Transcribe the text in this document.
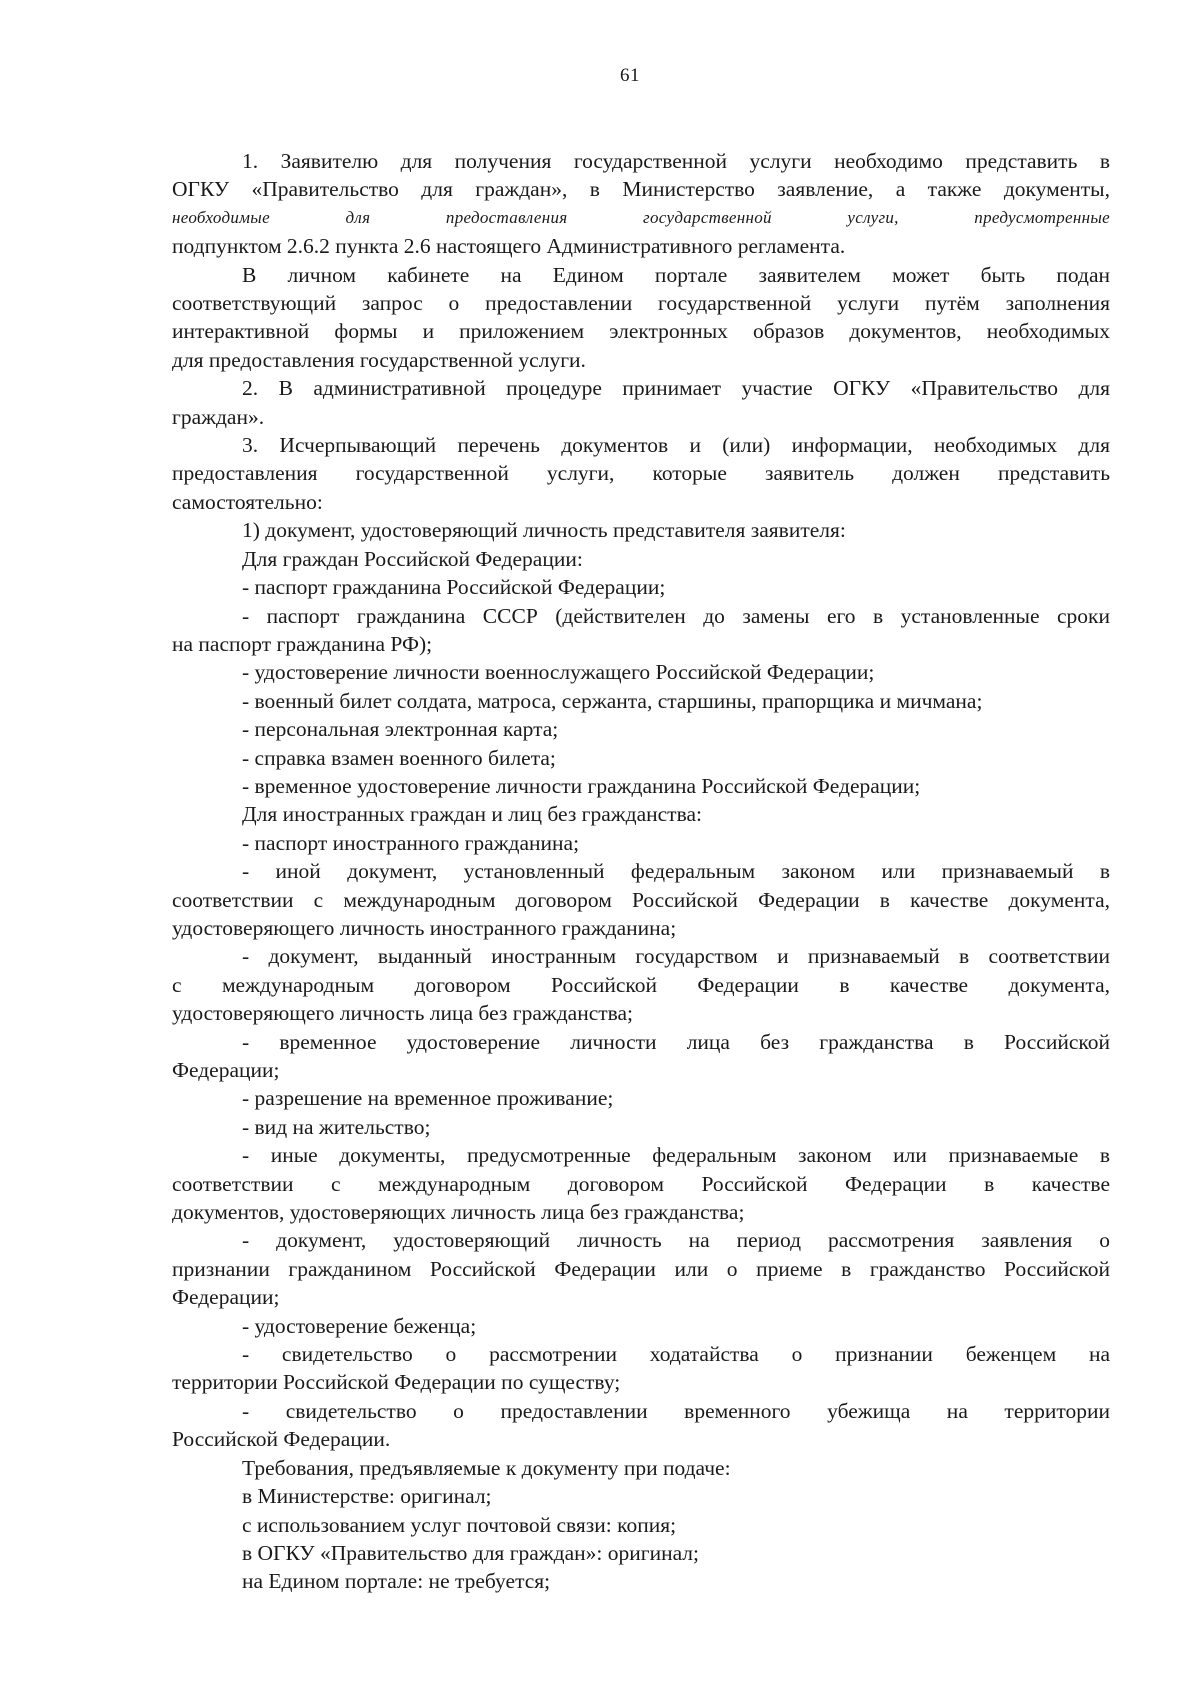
61
1. Заявителю для получения государственной услуги необходимо представить в
ОГКУ «Правительство для граждан», в Министерство заявление, а также документы,
необходимые для предоставления государственной услуги, предусмотренные
подпунктом 2.6.2 пункта 2.6 настоящего Административного регламента.
В личном кабинете на Едином портале заявителем может быть подан
соответствующий запрос о предоставлении государственной услуги путём заполнения
интерактивной формы и приложением электронных образов документов, необходимых
для предоставления государственной услуги.
2. В административной процедуре принимает участие ОГКУ «Правительство для
граждан».
3. Исчерпывающий перечень документов и (или) информации, необходимых для
предоставления государственной услуги, которые заявитель должен представить
самостоятельно:
1) документ, удостоверяющий личность представителя заявителя:
Для граждан Российской Федерации:
- паспорт гражданина Российской Федерации;
- паспорт гражданина СССР (действителен до замены его в установленные сроки
на паспорт гражданина РФ);
- удостоверение личности военнослужащего Российской Федерации;
- военный билет солдата, матроса, сержанта, старшины, прапорщика и мичмана;
- персональная электронная карта;
- справка взамен военного билета;
- временное удостоверение личности гражданина Российской Федерации;
Для иностранных граждан и лиц без гражданства:
- паспорт иностранного гражданина;
- иной документ, установленный федеральным законом или признаваемый в
соответствии с международным договором Российской Федерации в качестве документа,
удостоверяющего личность иностранного гражданина;
- документ, выданный иностранным государством и признаваемый в соответствии
с международным договором Российской Федерации в качестве документа,
удостоверяющего личность лица без гражданства;
- временное удостоверение личности лица без гражданства в Российской
Федерации;
- разрешение на временное проживание;
- вид на жительство;
- иные документы, предусмотренные федеральным законом или признаваемые в
соответствии с международным договором Российской Федерации в качестве
документов, удостоверяющих личность лица без гражданства;
- документ, удостоверяющий личность на период рассмотрения заявления о
признании гражданином Российской Федерации или о приеме в гражданство Российской
Федерации;
- удостоверение беженца;
- свидетельство о рассмотрении ходатайства о признании беженцем на
территории Российской Федерации по существу;
- свидетельство о предоставлении временного убежища на территории
Российской Федерации.
Требования, предъявляемые к документу при подаче:
в Министерстве: оригинал;
с использованием услуг почтовой связи: копия;
в ОГКУ «Правительство для граждан»: оригинал;
на Едином портале: не требуется;
